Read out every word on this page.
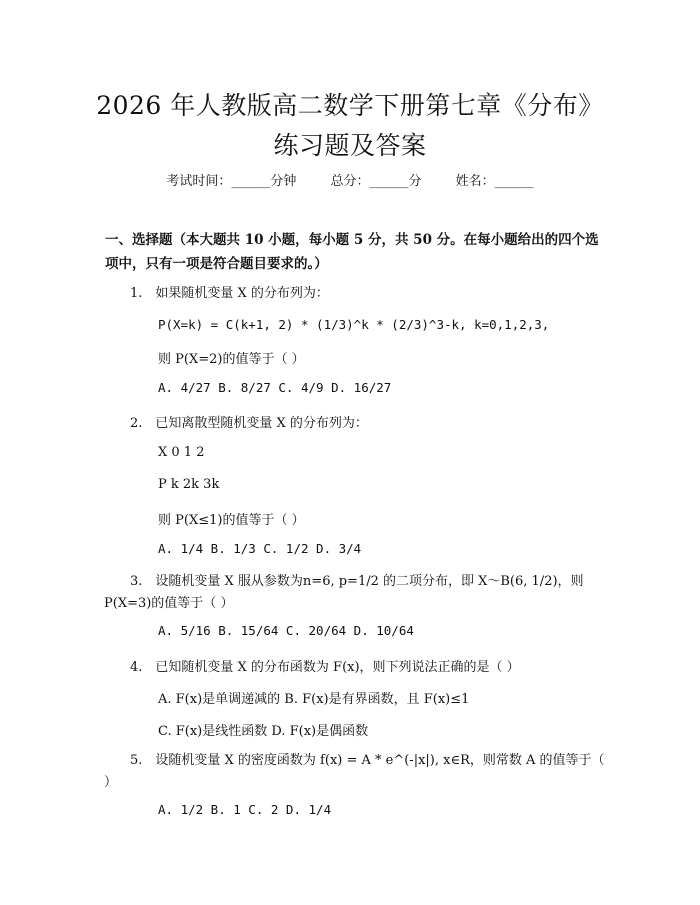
2026 年人教版高二数学下册第七章《分布》
练习题及答案
考试时间：______分钟	总分：______分	姓名：______
一、选择题（本大题共 10 小题，每小题 5 分，共 50 分。在每小题给出的四个选项中，只有一项是符合题目要求的。）
1.　如果随机变量 X 的分布列为：
P(X=k) = C(k+1, 2) * (1/3)^k * (2/3)^3-k, k=0,1,2,3,
则 P(X=2)的值等于（ ）
A. 4/27 B. 8/27 C. 4/9 D. 16/27
2.　已知离散型随机变量 X 的分布列为：
X 0 1 2
P k 2k 3k
则 P(X≤1)的值等于（ ）
A. 1/4 B. 1/3 C. 1/2 D. 3/4
3.　设随机变量 X 服从参数为n=6, p=1/2 的二项分布，即 X～B(6, 1/2)，则 P(X=3)的值等于（ ）
A. 5/16 B. 15/64 C. 20/64 D. 10/64
4.　已知随机变量 X 的分布函数为 F(x)，则下列说法正确的是（ ）
A. F(x)是单调递减的 B. F(x)是有界函数，且 F(x)≤1
C. F(x)是线性函数 D. F(x)是偶函数
5.　设随机变量 X 的密度函数为 f(x) = A * e^(-|x|), x∈R，则常数 A 的值等于（ ）
A. 1/2 B. 1 C. 2 D. 1/4
